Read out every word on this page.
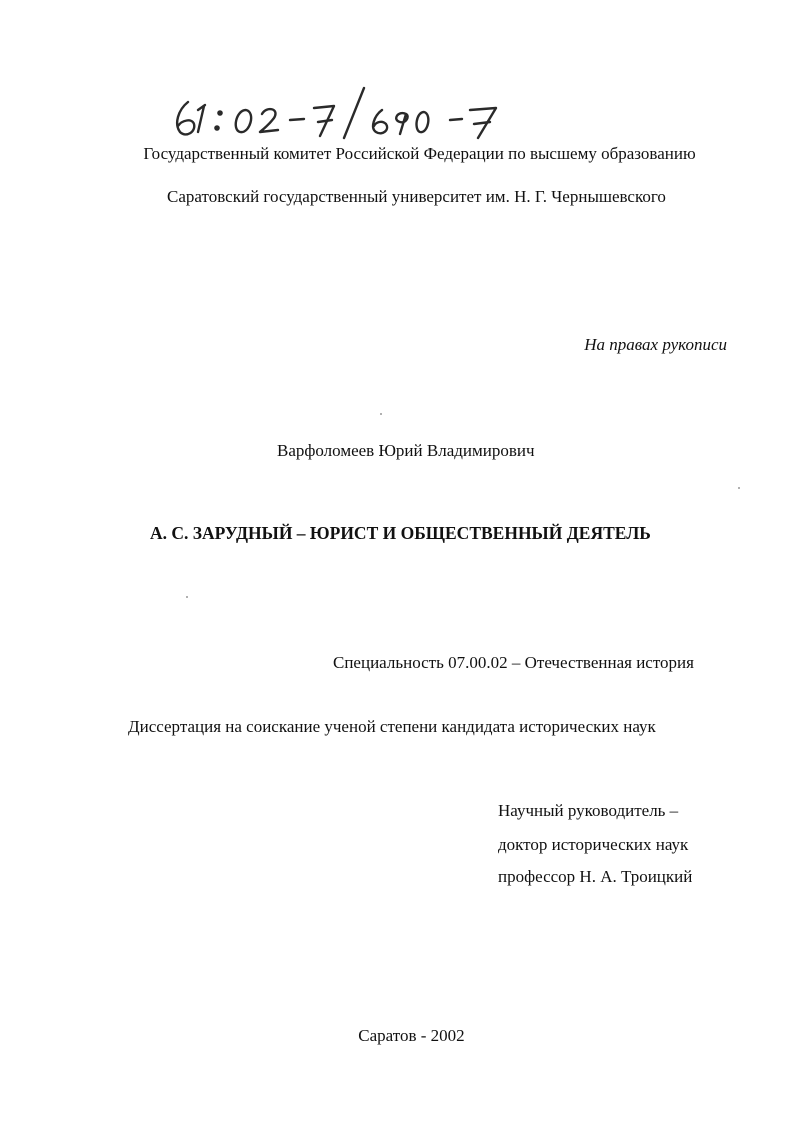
Государственный комитет Российской Федерации по высшему образованию
Саратовский государственный университет им. Н. Г. Чернышевского
На правах рукописи
Варфоломеев Юрий Владимирович
А. С. ЗАРУДНЫЙ – ЮРИСТ И ОБЩЕСТВЕННЫЙ ДЕЯТЕЛЬ
Специальность 07.00.02 – Отечественная история
Диссертация на соискание ученой степени кандидата исторических наук
Научный руководитель –
доктор исторических наук
профессор Н. А. Троицкий
Саратов - 2002
